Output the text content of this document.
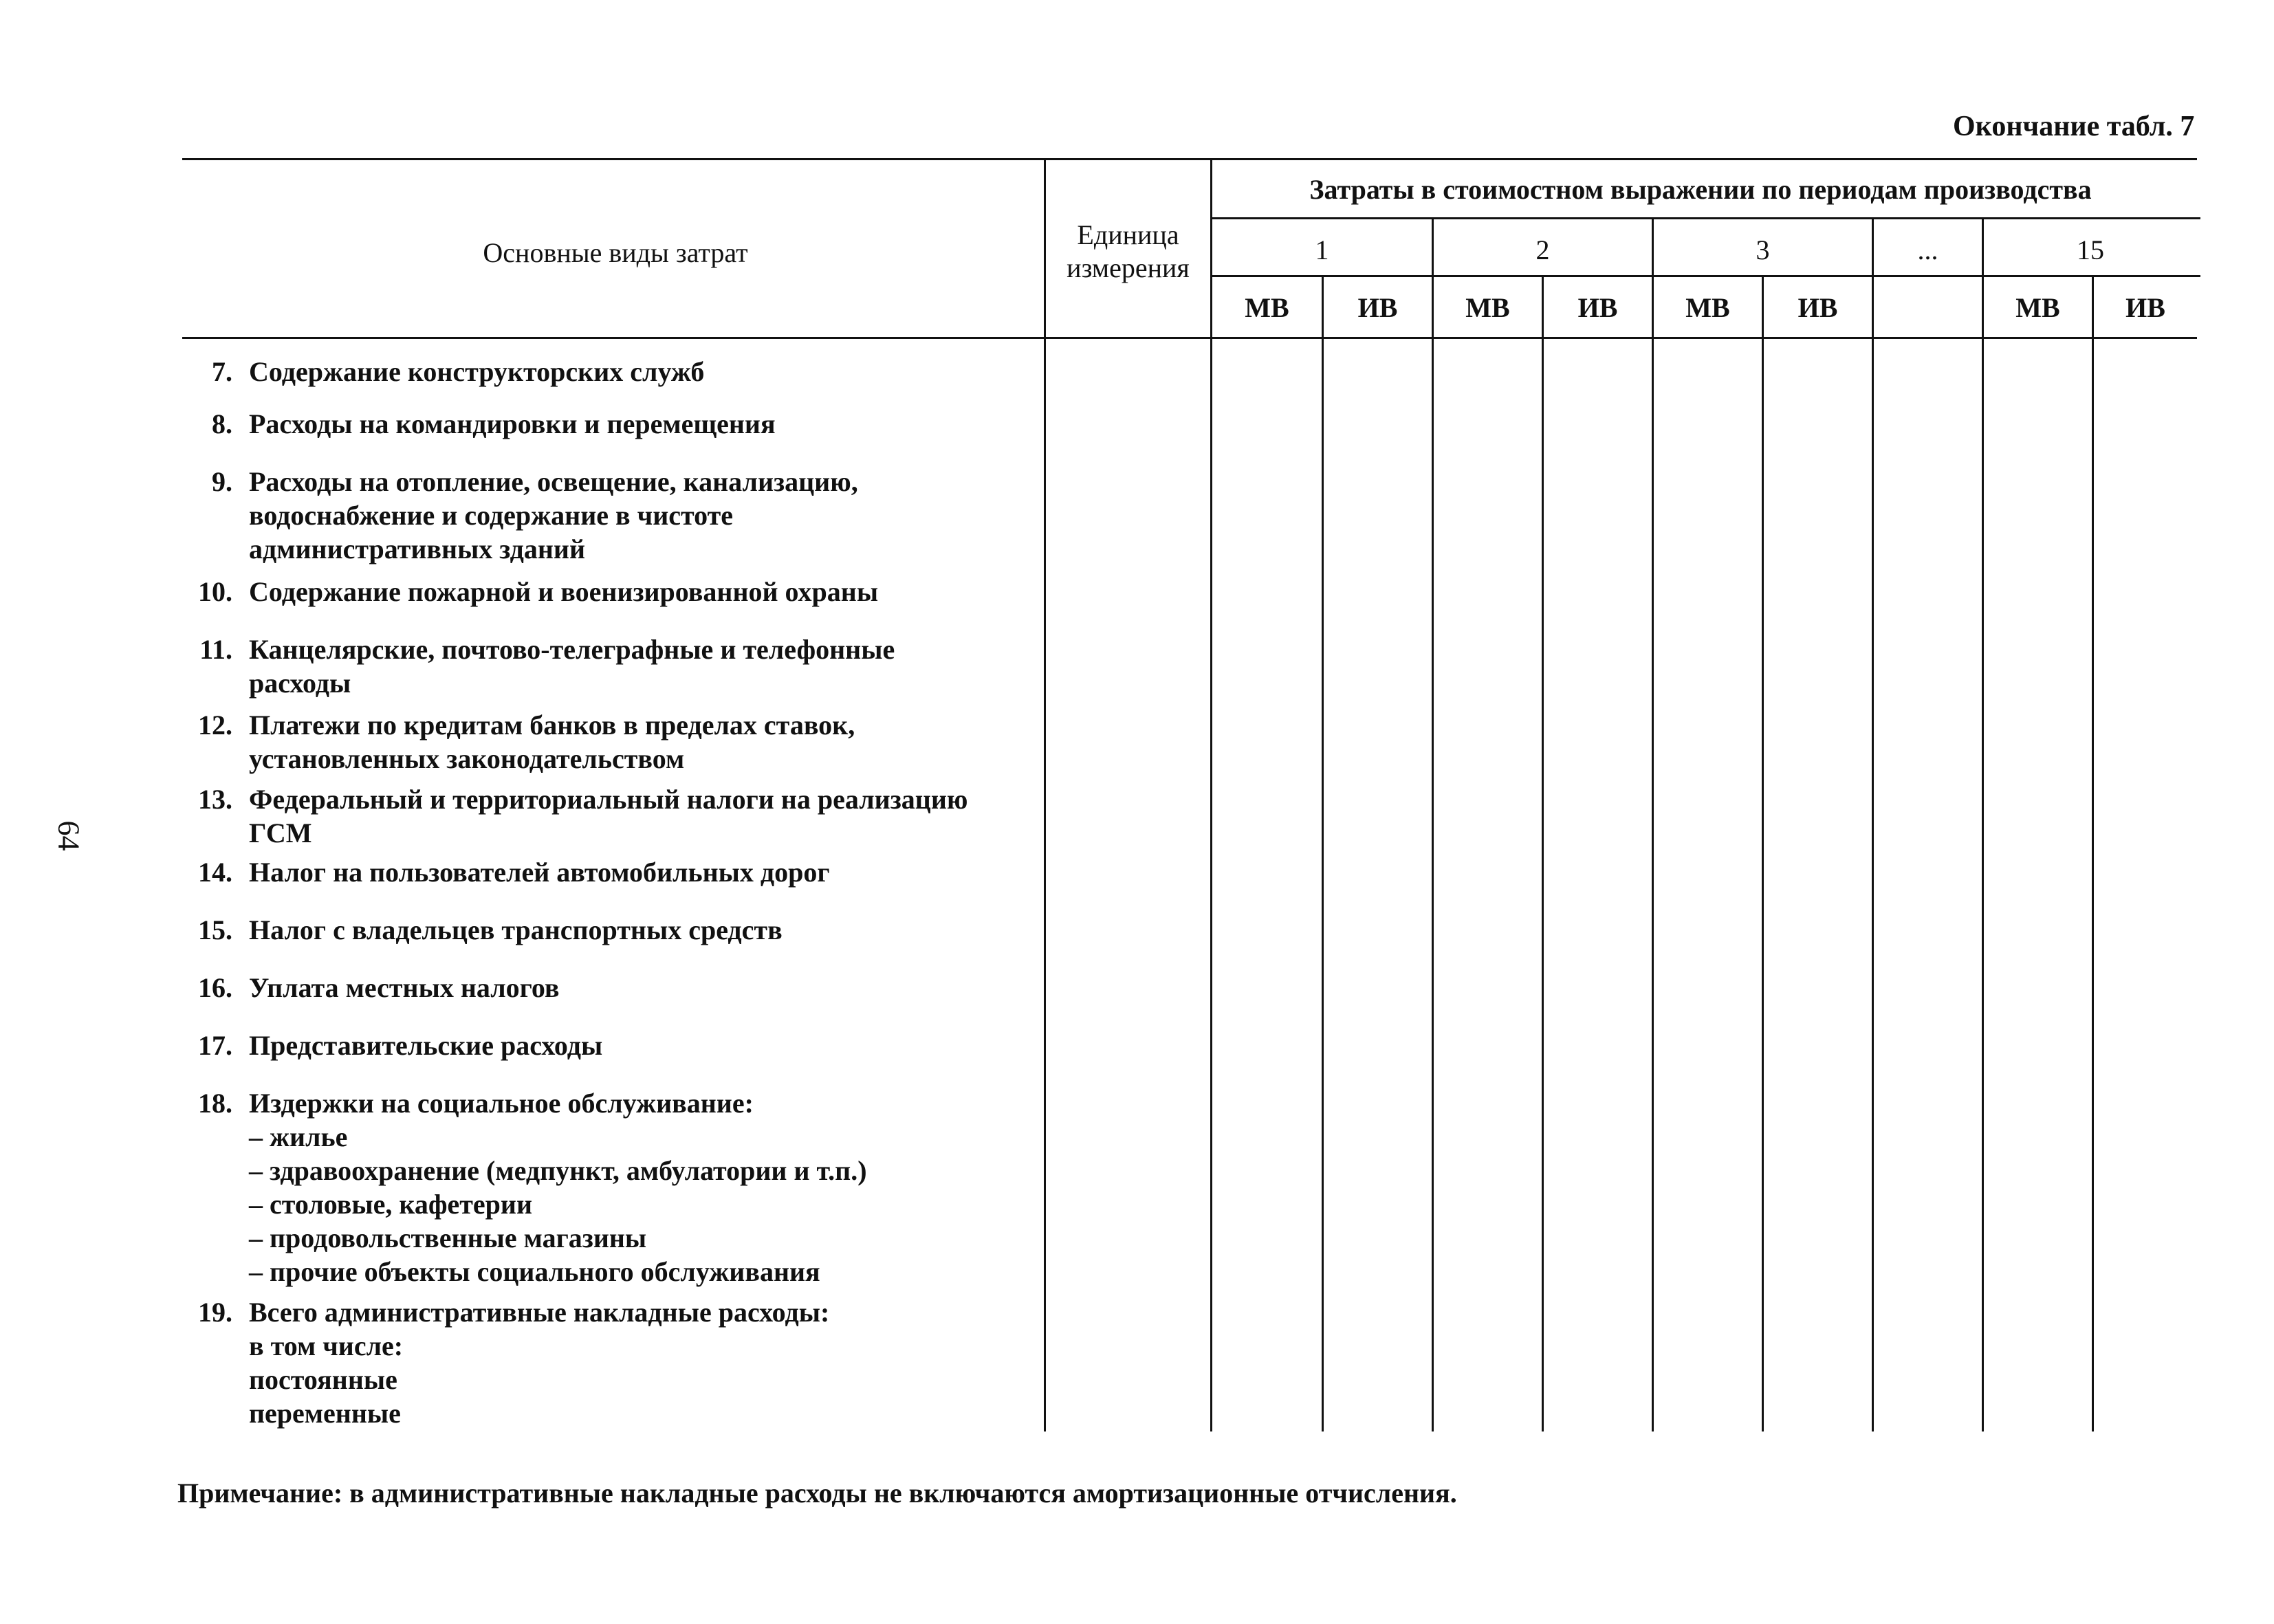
Окончание табл. 7
64
Основные виды затрат
Единица
измерения
Затраты в стоимостном выражении по периодам производства
1	2	3	...	15
МВ	ИВ	МВ	ИВ	МВ	ИВ	МВ	ИВ
7. Содержание конструкторских служб
8. Расходы на командировки и перемещения
9. Расходы на отопление, освещение, канализацию,
водоснабжение и содержание в чистоте
административных зданий
10. Содержание пожарной и военизированной охраны
11. Канцелярские, почтово-телеграфные и телефонные
расходы
12. Платежи по кредитам банков в пределах ставок,
установленных законодательством
13. Федеральный и территориальный налоги на реализацию
ГСМ
14. Налог на пользователей автомобильных дорог
15. Налог с владельцев транспортных средств
16. Уплата местных налогов
17. Представительские расходы
18. Издержки на социальное обслуживание:
– жилье
– здравоохранение (медпункт, амбулатории и т.п.)
– столовые, кафетерии
– продовольственные магазины
– прочие объекты социального обслуживания
19. Всего административные накладные расходы:
в том числе:
постоянные
переменные
Примечание: в административные накладные расходы не включаются амортизационные отчисления.
